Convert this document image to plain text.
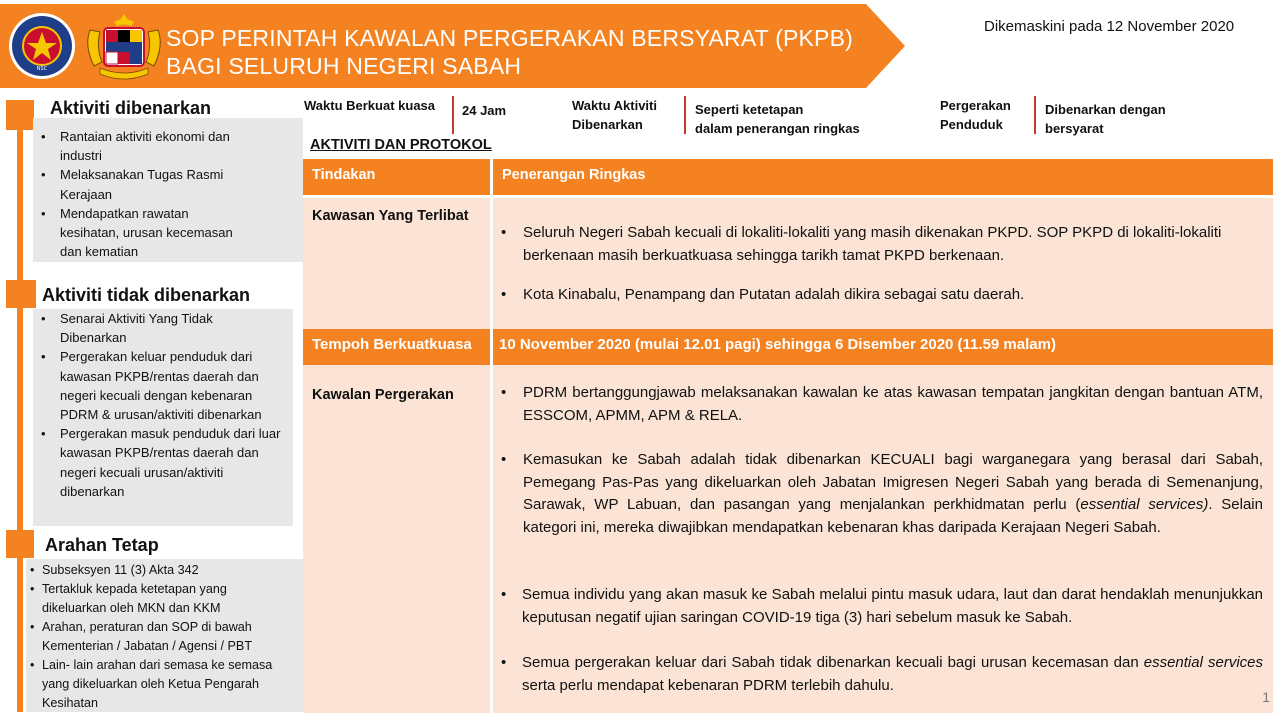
NSC
SOP PERINTAH KAWALAN PERGERAKAN BERSYARAT (PKPB)
BAGI SELURUH NEGERI SABAH
Dikemaskini pada 12 November 2020
Aktiviti dibenarkan
• Rantaian aktiviti ekonomi dan industri
• Melaksanakan Tugas Rasmi Kerajaan
• Mendapatkan rawatan kesihatan, urusan kecemasan dan kematian
Aktiviti tidak dibenarkan
• Senarai Aktiviti Yang Tidak Dibenarkan
• Pergerakan keluar penduduk dari kawasan PKPB/rentas daerah dan negeri kecuali dengan kebenaran PDRM & urusan/aktiviti dibenarkan
• Pergerakan masuk penduduk dari luar kawasan PKPB/rentas daerah dan negeri kecuali urusan/aktiviti dibenarkan
Arahan Tetap
• Subseksyen 11 (3) Akta 342
• Tertakluk kepada ketetapan yang dikeluarkan oleh MKN dan KKM
• Arahan, peraturan dan SOP di bawah Kementerian / Jabatan / Agensi / PBT
• Lain- lain arahan dari semasa ke semasa yang dikeluarkan oleh Ketua Pengarah Kesihatan
Waktu Berkuat kuasa 24 Jam	Waktu Aktiviti
Dibenarkan
Seperti ketetapan
dalam penerangan ringkas
Pergerakan
Penduduk
Dibenarkan dengan
bersyarat
AKTIVITI DAN PROTOKOL
Tindakan	Penerangan Ringkas
Kawasan Yang Terlibat
• Seluruh Negeri Sabah kecuali di lokaliti-lokaliti yang masih dikenakan PKPD. SOP PKPD di lokaliti-lokaliti berkenaan masih berkuatkuasa sehingga tarikh tamat PKPD berkenaan.
• Kota Kinabalu, Penampang dan Putatan adalah dikira sebagai satu daerah.
Tempoh Berkuatkuasa	10 November 2020 (mulai 12.01 pagi) sehingga 6 Disember 2020 (11.59 malam)
Kawalan Pergerakan
•	PDRM bertanggungjawab melaksanakan kawalan ke atas kawasan tempatan jangkitan dengan bantuan ATM, ESSCOM, APMM, APM & RELA.
• Kemasukan ke Sabah adalah tidak dibenarkan KECUALI bagi warganegara yang berasal dari Sabah, Pemegang Pas-Pas yang dikeluarkan oleh Jabatan Imigresen Negeri Sabah yang berada di Semenanjung, Sarawak, WP Labuan, dan pasangan yang menjalankan perkhidmatan perlu (essential services). Selain kategori ini, mereka diwajibkan mendapatkan kebenaran khas daripada Kerajaan Negeri Sabah.
• Semua individu yang akan masuk ke Sabah melalui pintu masuk udara, laut dan darat hendaklah menunjukkan keputusan negatif ujian saringan COVID-19 tiga (3) hari sebelum masuk ke Sabah.
• Semua pergerakan keluar dari Sabah tidak dibenarkan kecuali bagi urusan kecemasan dan essential services serta perlu mendapat kebenaran PDRM terlebih dahulu.
1
